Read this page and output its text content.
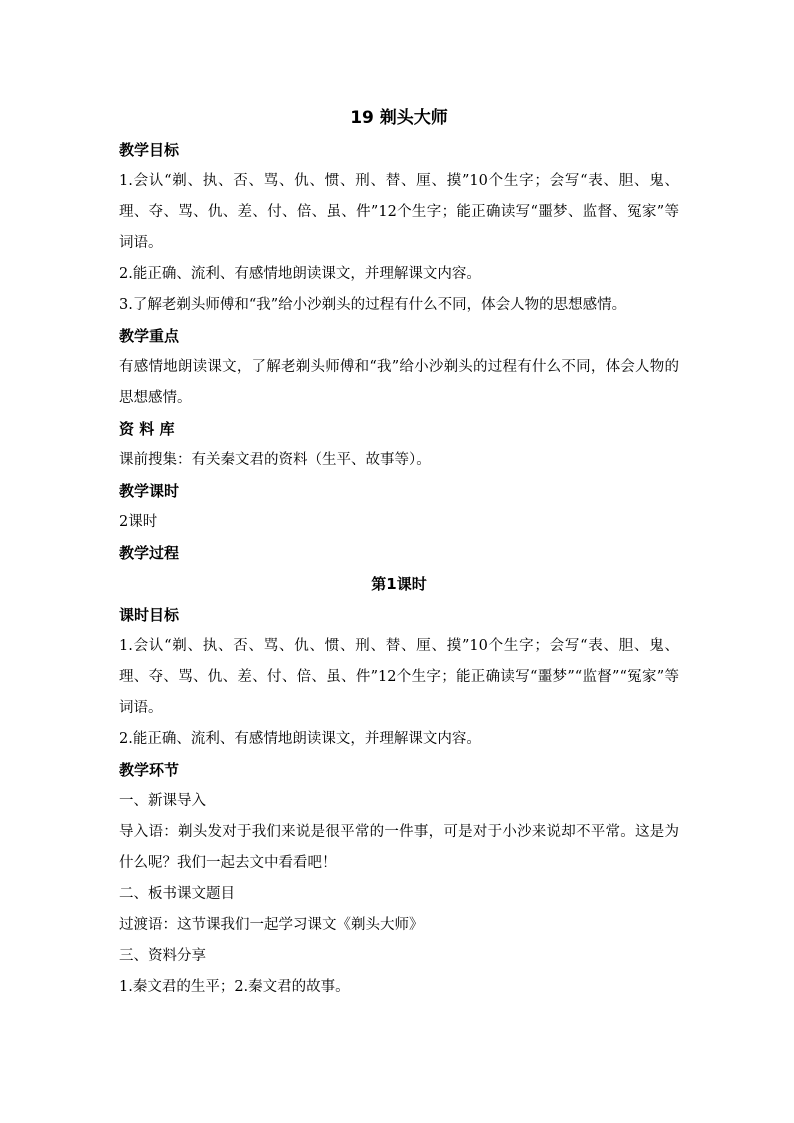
19 剃头大师
教学目标

1.会认“剃、执、否、骂、仇、惯、刑、替、厘、摸”10个生字；会写“表、胆、鬼、理、夺、骂、仇、差、付、倍、虽、件”12个生字；能正确读写“噩梦、监督、冤家”等词语。

2.能正确、流利、有感情地朗读课文，并理解课文内容。

3.了解老剃头师傅和“我”给小沙剃头的过程有什么不同，体会人物的思想感情。

教学重点

有感情地朗读课文，了解老剃头师傅和“我”给小沙剃头的过程有什么不同，体会人物的思想感情。

资 料 库

课前搜集：有关秦文君的资料（生平、故事等）。

教学课时

2课时

教学过程
第1课时
课时目标

1.会认“剃、执、否、骂、仇、惯、刑、替、厘、摸”10个生字；会写“表、胆、鬼、理、夺、骂、仇、差、付、倍、虽、件”12个生字；能正确读写“噩梦”“监督”“冤家”等词语。

2.能正确、流利、有感情地朗读课文，并理解课文内容。

教学环节

一、新课导入

导入语：剃头发对于我们来说是很平常的一件事，可是对于小沙来说却不平常。这是为什么呢？我们一起去文中看看吧！

二、板书课文题目

过渡语：这节课我们一起学习课文《剃头大师》

三、资料分享

1.秦文君的生平；2.秦文君的故事。
